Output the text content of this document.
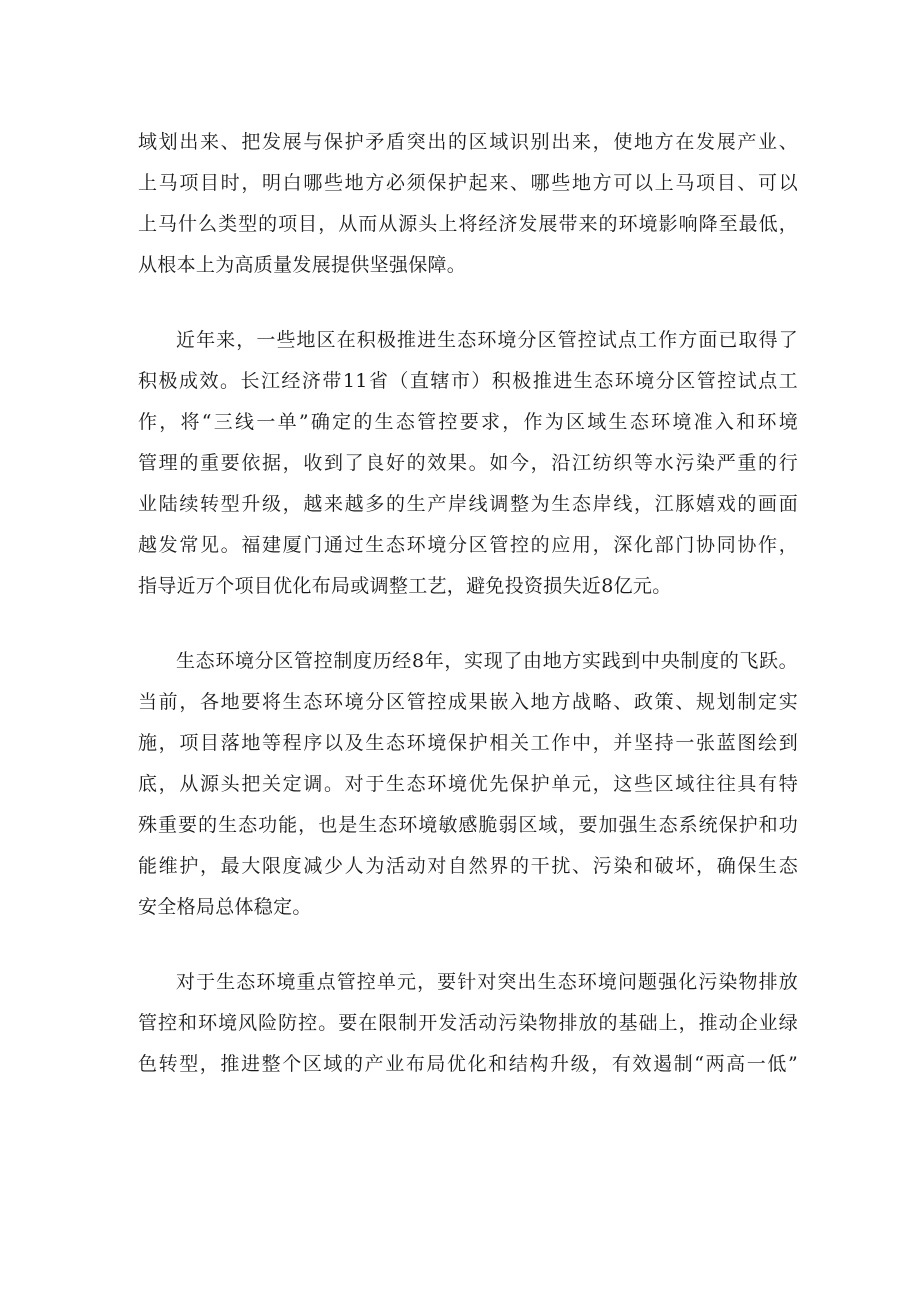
域划出来、把发展与保护矛盾突出的区域识别出来，使地方在发展产业、
上马项目时，明白哪些地方必须保护起来、哪些地方可以上马项目、可以
上马什么类型的项目，从而从源头上将经济发展带来的环境影响降至最低，
从根本上为高质量发展提供坚强保障。
近年来，一些地区在积极推进生态环境分区管控试点工作方面已取得了
积极成效。长江经济带11省（直辖市）积极推进生态环境分区管控试点工
作，将“三线一单”确定的生态管控要求，作为区域生态环境准入和环境
管理的重要依据，收到了良好的效果。如今，沿江纺织等水污染严重的行
业陆续转型升级，越来越多的生产岸线调整为生态岸线，江豚嬉戏的画面
越发常见。福建厦门通过生态环境分区管控的应用，深化部门协同协作，
指导近万个项目优化布局或调整工艺，避免投资损失近8亿元。
生态环境分区管控制度历经8年，实现了由地方实践到中央制度的飞跃。
当前，各地要将生态环境分区管控成果嵌入地方战略、政策、规划制定实
施，项目落地等程序以及生态环境保护相关工作中，并坚持一张蓝图绘到
底，从源头把关定调。对于生态环境优先保护单元，这些区域往往具有特
殊重要的生态功能，也是生态环境敏感脆弱区域，要加强生态系统保护和功
能维护，最大限度减少人为活动对自然界的干扰、污染和破坏，确保生态
安全格局总体稳定。
对于生态环境重点管控单元，要针对突出生态环境问题强化污染物排放
管控和环境风险防控。要在限制开发活动污染物排放的基础上，推动企业绿
色转型，推进整个区域的产业布局优化和结构升级，有效遏制“两高一低”
